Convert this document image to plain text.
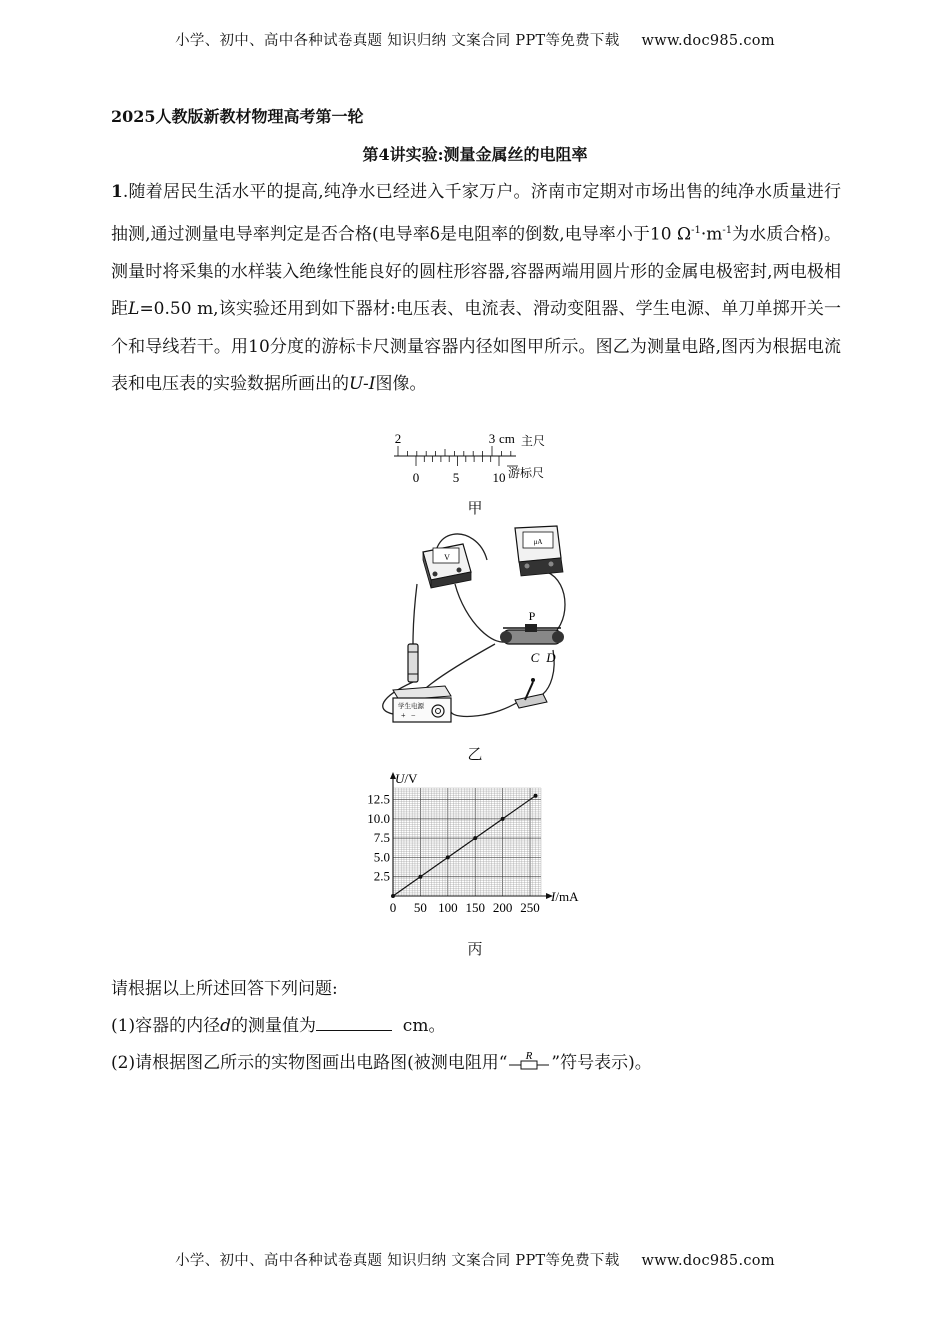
小学、初中、高中各种试卷真题 知识归纳 文案合同 PPT等免费下载 www.doc985.com
2025人教版新教材物理高考第一轮
第4讲实验:测量金属丝的电阻率
1.随着居民生活水平的提高,纯净水已经进入千家万户。济南市定期对市场出售的纯净水质量进行抽测,通过测量电导率判定是否合格(电导率δ是电阻率的倒数,电导率小于10 $\Omega^{-1}\cdot m^{-1}$为水质合格)。测量时将采集的水样装入绝缘性能良好的圆柱形容器,容器两端用圆片形的金属电极密封,两电极相距L=0.50 m,该实验还用到如下器材:电压表、电流表、滑动变阻器、学生电源、单刀单掷开关一个和导线若干。用10分度的游标卡尺测量容器内径如图甲所示。图乙为测量电路,图丙为根据电流表和电压表的实验数据所画出的U-I图像。
2	3 cm 主尺
0	5	10 游标尺
甲
V
μA
P
C D
学生电源
+ −
乙
0 50 100 150 200 250
2.5
5.0
7.5
10.0
12.5
U/V
I/mA
丙
请根据以上所述回答下列问题:
(1)容器的内径d的测量值为	cm。
(2)请根据图乙所示的实物图画出电路图(被测电阻用“ R ”符号表示)。
小学、初中、高中各种试卷真题 知识归纳 文案合同 PPT等免费下载 www.doc985.com
